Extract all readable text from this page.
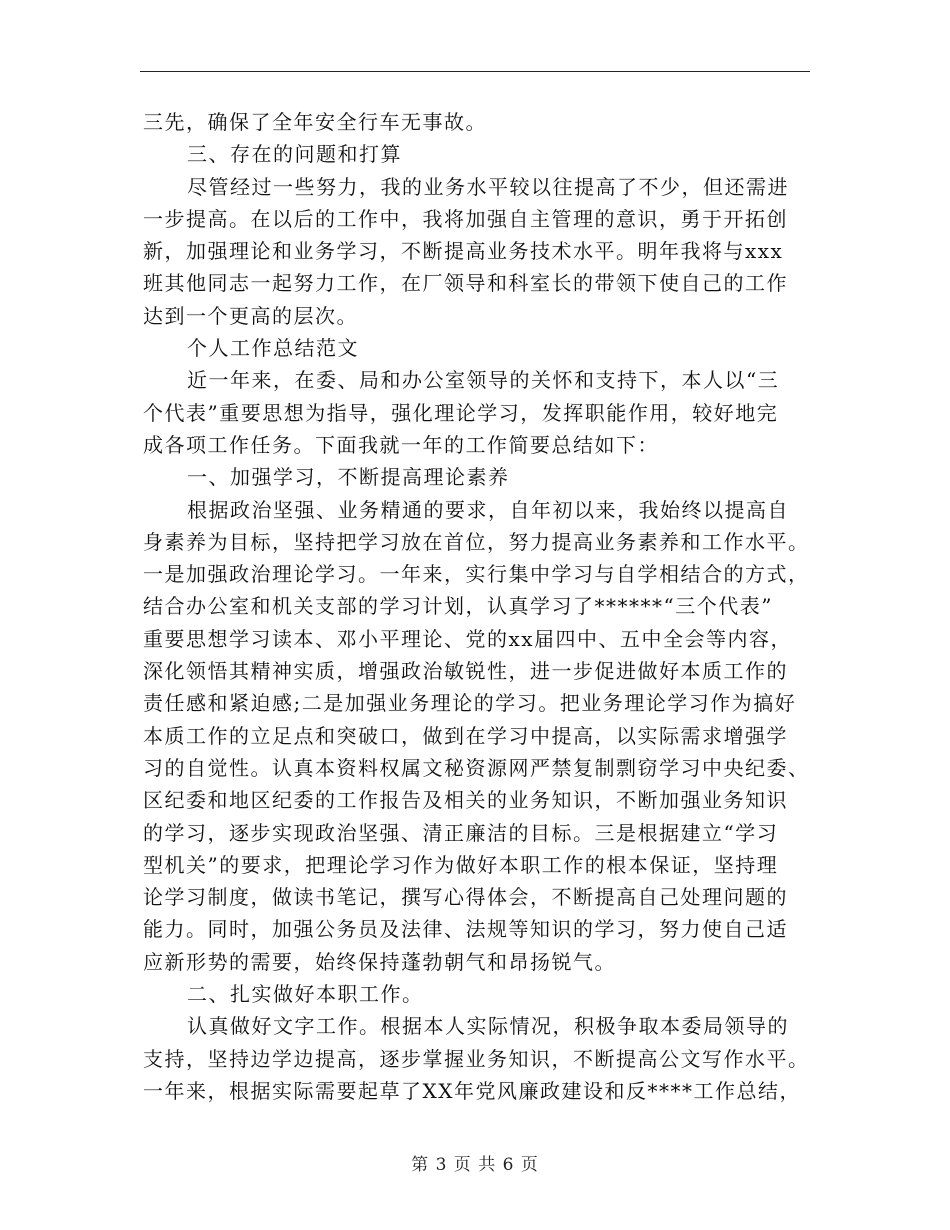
三先，确保了全年安全行车无事故。
三、存在的问题和打算
尽管经过一些努力，我的业务水平较以往提高了不少，但还需进
一步提高。在以后的工作中，我将加强自主管理的意识，勇于开拓创
新，加强理论和业务学习，不断提高业务技术水平。明年我将与xxx
班其他同志一起努力工作，在厂领导和科室长的带领下使自己的工作
达到一个更高的层次。
个人工作总结范文
近一年来，在委、局和办公室领导的关怀和支持下，本人以“三
个代表”重要思想为指导，强化理论学习，发挥职能作用，较好地完
成各项工作任务。下面我就一年的工作简要总结如下：
一、加强学习，不断提高理论素养
根据政治坚强、业务精通的要求，自年初以来，我始终以提高自
身素养为目标，坚持把学习放在首位，努力提高业务素养和工作水平。
一是加强政治理论学习。一年来，实行集中学习与自学相结合的方式，
结合办公室和机关支部的学习计划，认真学习了******“三个代表”
重要思想学习读本、邓小平理论、党的xx届四中、五中全会等内容，
深化领悟其精神实质，增强政治敏锐性，进一步促进做好本质工作的
责任感和紧迫感;二是加强业务理论的学习。把业务理论学习作为搞好
本质工作的立足点和突破口，做到在学习中提高，以实际需求增强学
习的自觉性。认真本资料权属文秘资源网严禁复制剽窃学习中央纪委、
区纪委和地区纪委的工作报告及相关的业务知识，不断加强业务知识
的学习，逐步实现政治坚强、清正廉洁的目标。三是根据建立“学习
型机关”的要求，把理论学习作为做好本职工作的根本保证，坚持理
论学习制度，做读书笔记，撰写心得体会，不断提高自己处理问题的
能力。同时，加强公务员及法律、法规等知识的学习，努力使自己适
应新形势的需要，始终保持蓬勃朝气和昂扬锐气。
二、扎实做好本职工作。
认真做好文字工作。根据本人实际情况，积极争取本委局领导的
支持，坚持边学边提高，逐步掌握业务知识，不断提高公文写作水平。
一年来，根据实际需要起草了XX年党风廉政建设和反****工作总结，
第 3 页 共 6 页
